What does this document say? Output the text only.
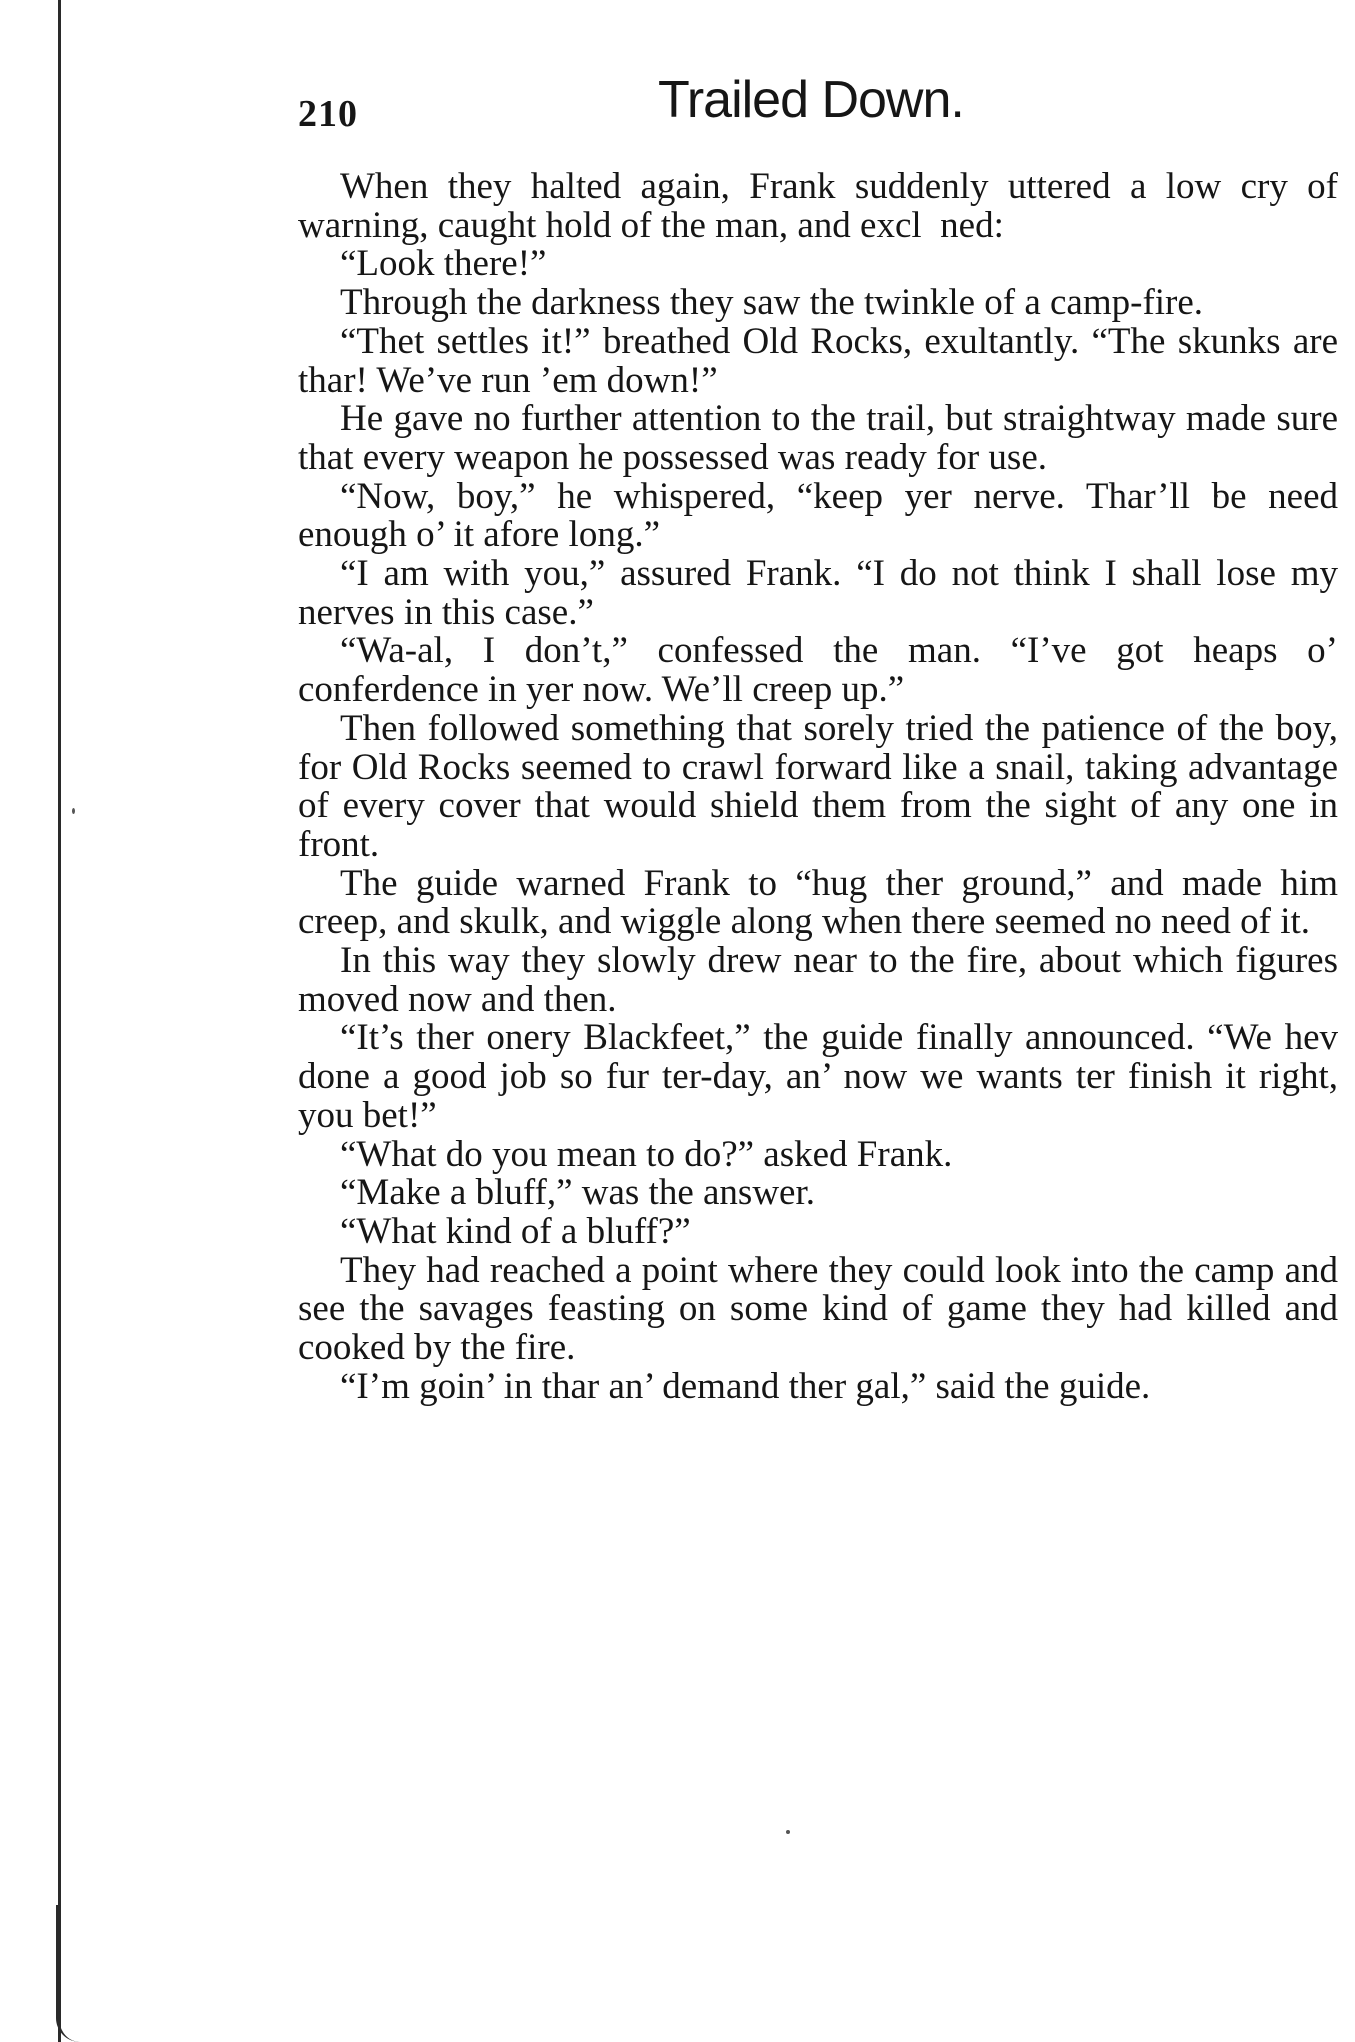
210	Trailed Down.

When they halted again, Frank suddenly uttered a low cry of warning, caught hold of the man, and excl  ned:

“Look there!”

Through the darkness they saw the twinkle of a camp-fire.

“Thet settles it!” breathed Old Rocks, exultantly. “The skunks are thar! We’ve run ’em down!”

He gave no further attention to the trail, but straightway made sure that every weapon he possessed was ready for use.

“Now, boy,” he whispered, “keep yer nerve. Thar’ll be need enough o’ it afore long.”

“I am with you,” assured Frank. “I do not think I shall lose my nerves in this case.”

“Wa-al, I don’t,” confessed the man. “I’ve got heaps o’ conferdence in yer now. We’ll creep up.”

Then followed something that sorely tried the patience of the boy, for Old Rocks seemed to crawl forward like a snail, taking advantage of every cover that would shield them from the sight of any one in front.

The guide warned Frank to “hug ther ground,” and made him creep, and skulk, and wiggle along when there seemed no need of it.

In this way they slowly drew near to the fire, about which figures moved now and then.

“It’s ther onery Blackfeet,” the guide finally announced. “We hev done a good job so fur ter-day, an’ now we wants ter finish it right, you bet!”

“What do you mean to do?” asked Frank.

“Make a bluff,” was the answer.

“What kind of a bluff?”

They had reached a point where they could look into the camp and see the savages feasting on some kind of game they had killed and cooked by the fire.

“I’m goin’ in thar an’ demand ther gal,” said the guide.
